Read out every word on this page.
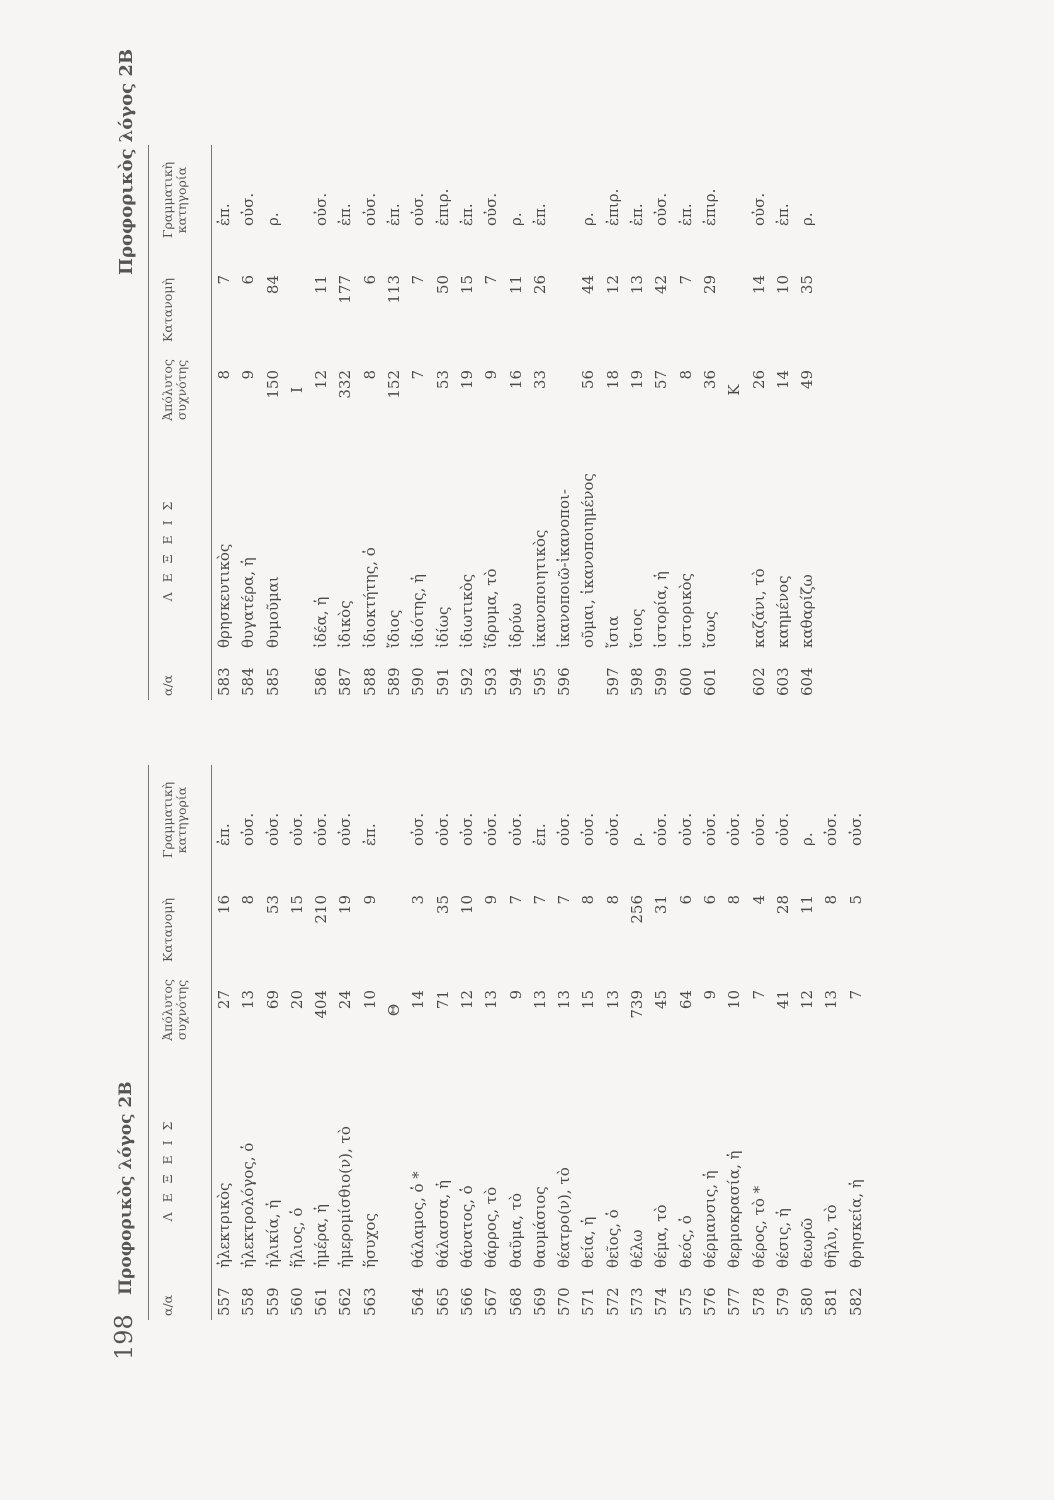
198
Προφορικὸς λόγος 2B
Προφορικὸς λόγος 2B
α/α
Λ Ε Ξ Ε Ι Σ
Ἀπόλυτος συχνότης
Κατανομὴ
Γραμματικὴ κατηγορία
557
ἠλεκτρικὸς
27
16
ἐπ.
558
ἠλεκτρολόγος, ὁ
13
8
οὐσ.
559
ἡλικία, ἡ
69
53
οὐσ.
560
ἥλιος, ὁ
20
15
οὐσ.
561
ἡμέρα, ἡ
404
210
οὐσ.
562
ἡμερομίσθιο(ν), τὸ
24
19
οὐσ.
563
ἥσυχος
10
9
ἐπ.
Θ
564
θάλαμος, ὁ *
14
3
οὐσ.
565
θάλασσα, ἡ
71
35
οὐσ.
566
θάνατος, ὁ
12
10
οὐσ.
567
θάρρος, τὸ
13
9
οὐσ.
568
θαῦμα, τὸ
9
7
οὐσ.
569
θαυμάσιος
13
7
ἐπ.
570
θέατρο(ν), τὸ
13
7
οὐσ.
571
θεία, ἡ
15
8
οὐσ.
572
θεῖος, ὁ
13
8
οὐσ.
573
θέλω
739
256
ρ.
574
θέμα, τὸ
45
31
οὐσ.
575
θεός, ὁ
64
6
οὐσ.
576
θέρμανσις, ἡ
9
6
οὐσ.
577
θερμοκρασία, ἡ
10
8
οὐσ.
578
θέρος, τὸ *
7
4
οὐσ.
579
θέσις, ἡ
41
28
οὐσ.
580
θεωρῶ
12
11
ρ.
581
θῆλυ, τὸ
13
8
οὐσ.
582
θρησκεία, ἡ
7
5
οὐσ.
α/α
Λ Ε Ξ Ε Ι Σ
Ἀπόλυτος συχνότης
Κατανομὴ
Γραμματικὴ κατηγορία
583
θρησκευτικὸς
8
7
ἐπ.
584
θυγατέρα, ἡ
9
6
οὐσ.
585
θυμοῦμαι
150
84
ρ.
Ι
586
ἰδέα, ἡ
12
11
οὐσ.
587
ἰδικὸς
332
177
ἐπ.
588
ἰδιοκτήτης, ὁ
8
6
οὐσ.
589
ἴδιος
152
113
ἐπ.
590
ἰδιότης, ἡ
7
7
οὐσ.
591
ἰδίως
53
50
ἐπιρ.
592
ἰδιωτικὸς
19
15
ἐπ.
593
ἵδρυμα, τὸ
9
7
οὐσ.
594
ἱδρύω
16
11
ρ.
595
ἱκανοποιητικὸς
33
26
ἐπ.
596
ἱκανοποιῶ-ἱκανοποι- οῦμαι, ἱκανοποιημένος
56
44
ρ.
597
ἴσια
18
12
ἐπιρ.
598
ἴσιος
19
13
ἐπ.
599
ἱστορία, ἡ
57
42
οὐσ.
600
ἱστορικὸς
8
7
ἐπ.
601
ἴσως
36
29
ἐπιρ.
Κ
602
καζάνι, τὸ
26
14
οὐσ.
603
καημένος
14
10
ἐπ.
604
καθαρίζω
49
35
ρ.
